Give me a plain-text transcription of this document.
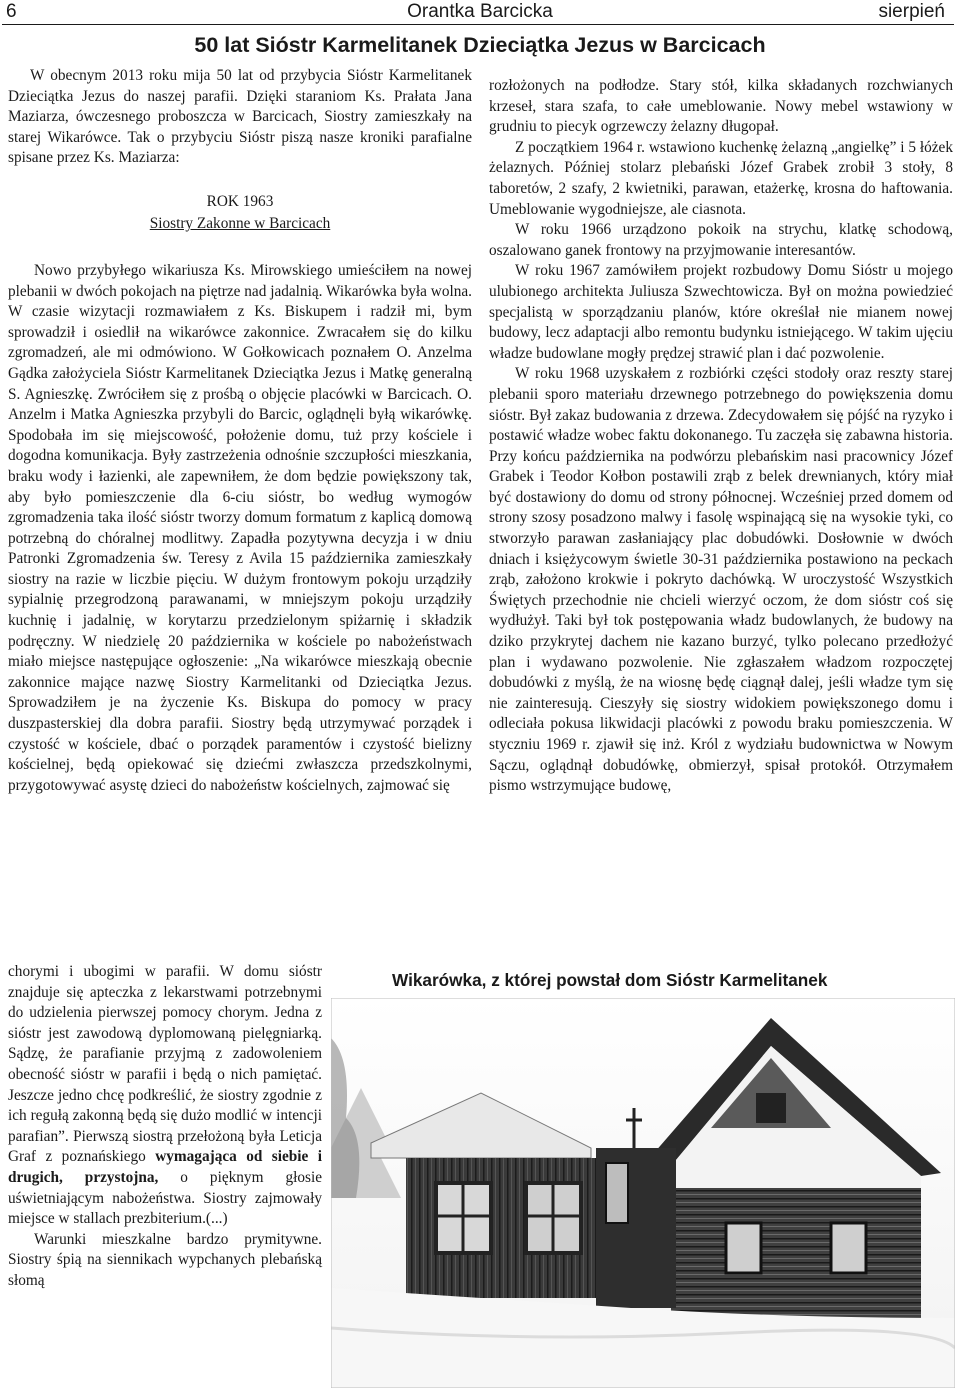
6	Orantka Barcicka	sierpień
50 lat Sióstr Karmelitanek Dzieciątka Jezus w Barcicach

W obecnym 2013 roku mija 50 lat od przybycia Sióstr Karmelitanek Dzieciątka Jezus do naszej parafii. Dzięki staraniom Ks. Prałata Jana Maziarza, ówczesnego proboszcza w Barcicach, Siostry zamieszkały na starej Wikarówce. Tak o przybyciu Sióstr piszą nasze kroniki parafialne spisane przez Ks. Maziarza:

ROK 1963
Siostry Zakonne w Barcicach

Nowo przybyłego wikariusza Ks. Mirowskiego umieściłem na nowej plebanii w dwóch pokojach na piętrze nad jadalnią. Wikarówka była wolna. W czasie wizytacji rozmawiałem z Ks. Biskupem i radził mi, bym sprowadził i osiedlił na wikarówce zakonnice. Zwracałem się do kilku zgromadzeń, ale mi odmówiono. W Gołkowicach poznałem O. Anzelma Gądka założyciela Sióstr Karmelitanek Dzieciątka Jezus i Matkę generalną S. Agnieszkę. Zwróciłem się z prośbą o objęcie placówki w Barcicach. O. Anzelm i Matka Agnieszka przybyli do Barcic, oglądnęli byłą wikarówkę. Spodobała im się miejscowość, położenie domu, tuż przy kościele i dogodna komunikacja. Były zastrzeżenia odnośnie szczupłości mieszkania, braku wody i łazienki, ale zapewniłem, że dom będzie powiększony tak, aby było pomieszczenie dla 6-ciu sióstr, bo według wymogów zgromadzenia taka ilość sióstr tworzy domum formatum z kaplicą domową potrzebną do chóralnej modlitwy. Zapadła pozytywna decyzja i w dniu Patronki Zgromadzenia św. Teresy z Avila 15 października zamieszkały siostry na razie w liczbie pięciu. W dużym frontowym pokoju urządziły sypialnię przegrodzoną parawanami, w mniejszym pokoju urządziły kuchnię i jadalnię, w korytarzu przedzielonym spiżarnię i składzik podręczny. W niedzielę 20 października w kościele po nabożeństwach miało miejsce następujące ogłoszenie: „Na wikarówce mieszkają obecnie zakonnice mające nazwę Siostry Karmelitanki od Dzieciątka Jezus. Sprowadziłem je na życzenie Ks. Biskupa do pomocy w pracy duszpasterskiej dla dobra parafii. Siostry będą utrzymywać porządek i czystość w kościele, dbać o porządek paramentów i czystość bielizny kościelnej, będą opiekować się dziećmi zwłaszcza przedszkolnymi, przygotowywać asystę dzieci do nabożeństw kościelnych, zajmować się

chorymi i ubogimi w parafii. W domu sióstr znajduje się apteczka z lekarstwami potrzebnymi do udzielenia pierwszej pomocy chorym. Jedna z sióstr jest zawodową dyplomowaną pielęgniarką. Sądzę, że parafianie przyjmą z zadowoleniem obecność sióstr w parafii i będą o nich pamiętać. Jeszcze jedno chcę podkreślić, że siostry zgodnie z ich regułą zakonną będą się dużo modlić w intencji parafian”. Pierwszą siostrą przełożoną była Leticja Graf z poznańskiego wymagająca od siebie i drugich, przystojna, o pięknym głosie uświetniającym nabożeństwa. Siostry zajmowały miejsce w stallach prezbiterium.(...)

Warunki mieszkalne bardzo prymitywne. Siostry śpią na siennikach wypchanych plebańską słomą

rozłożonych na podłodze. Stary stół, kilka składanych rozchwianych krzeseł, stara szafa, to całe umeblowanie. Nowy mebel wstawiony w grudniu to piecyk ogrzewczy żelazny długopał.

Z początkiem 1964 r. wstawiono kuchenkę żelazną „angielkę” i 5 łóżek żelaznych. Później stolarz plebański Józef Grabek zrobił 3 stoły, 8 taboretów, 2 szafy, 2 kwietniki, parawan, etażerkę, krosna do haftowania. Umeblowanie wygodniejsze, ale ciasnota.

W roku 1966 urządzono pokoik na strychu, klatkę schodową, oszalowano ganek frontowy na przyjmowanie interesantów.

W roku 1967 zamówiłem projekt rozbudowy Domu Sióstr u mojego ulubionego architekta Juliusza Szwechtowicza. Był on można powiedzieć specjalistą w sporządzaniu planów, które określał nie mianem nowej budowy, lecz adaptacji albo remontu budynku istniejącego. W takim ujęciu władze budowlane mogły prędzej strawić plan i dać pozwolenie.

W roku 1968 uzyskałem z rozbiórki części stodoły oraz reszty starej plebanii sporo materiału drzewnego potrzebnego do powiększenia domu sióstr. Był zakaz budowania z drzewa. Zdecydowałem się pójść na ryzyko i postawić władze wobec faktu dokonanego. Tu zaczęła się zabawna historia. Przy końcu października na podwórzu plebańskim nasi pracownicy Józef Grabek i Teodor Kołbon postawili zrąb z belek drewnianych, który miał być dostawiony do domu od strony północnej. Wcześniej przed domem od strony szosy posadzono malwy i fasolę wspinającą się na wysokie tyki, co stworzyło parawan zasłaniający plac dobudówki. Dosłownie w dwóch dniach i księżycowym świetle 30-31 października postawiono na peckach zrąb, założono krokwie i pokryto dachówką. W uroczystość Wszystkich Świętych przechodnie nie chcieli wierzyć oczom, że dom sióstr coś się wydłużył. Taki był tok postępowania władz budowlanych, że budowy na dziko przykrytej dachem nie kazano burzyć, tylko polecano przedłożyć plan i wydawano pozwolenie. Nie zgłaszałem władzom rozpoczętej dobudówki z myślą, że na wiosnę będę ciągnął dalej, jeśli władze tym się nie zainteresują. Cieszyły się siostry widokiem powiększonego domu i odleciała pokusa likwidacji placówki z powodu braku pomieszczenia. W styczniu 1969 r. zjawił się inż. Król z wydziału budownictwa w Nowym Sączu, oglądnął dobudówkę, obmierzył, spisał protokół. Otrzymałem pismo wstrzymujące budowę,

Wikarówka, z której powstał dom Sióstr Karmelitanek
